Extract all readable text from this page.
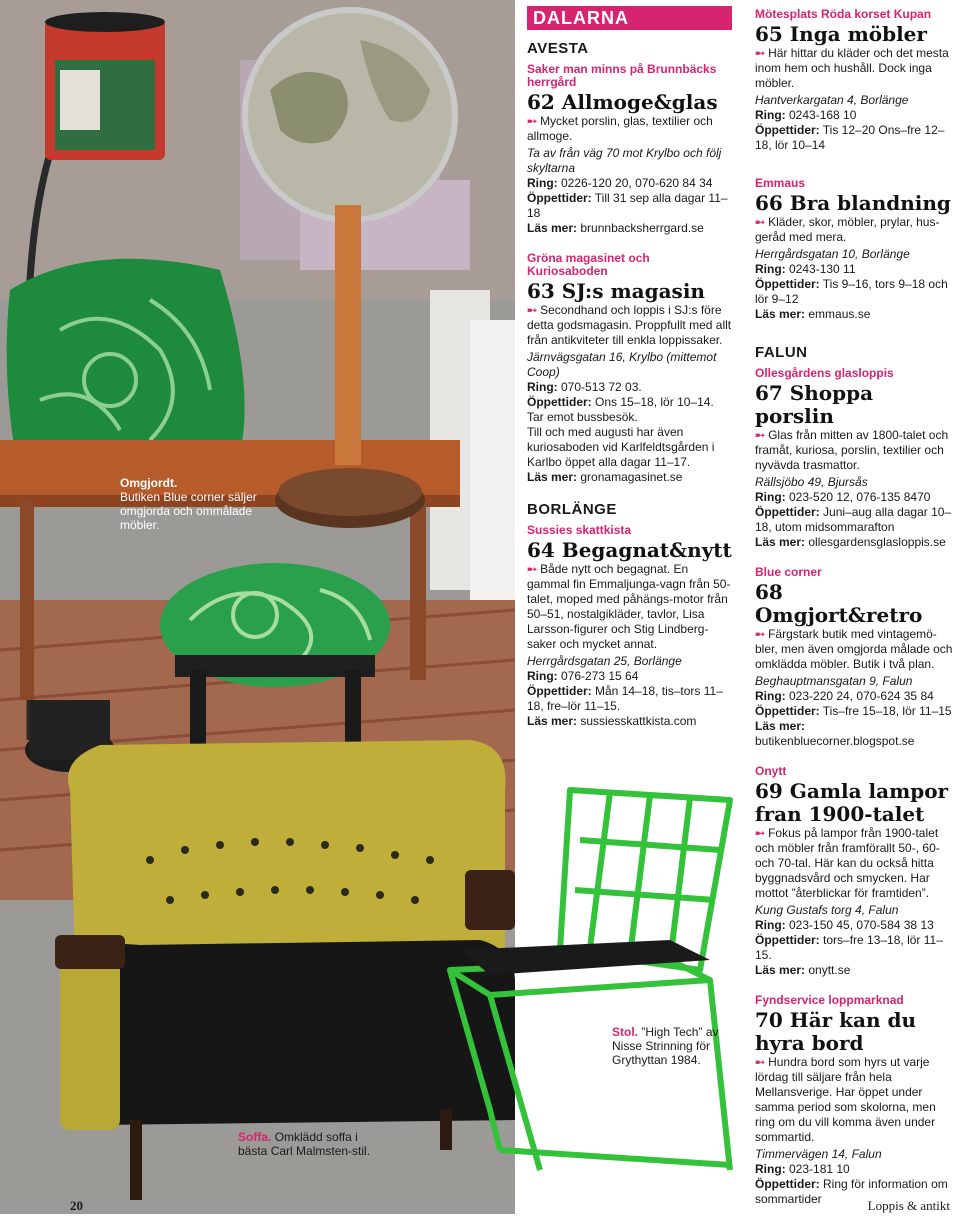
Omgjordt.
Butiken Blue corner säljer omgjorda och ommålade möbler.
Soffa. Omklädd soffa i bästa Carl Malmsten-stil.
Stol. ”High Tech” av Nisse Strinning för Grythyttan 1984.
DALARNA
AVESTA
Saker man minns på Brunnbäcks herrgård
62 Allmoge&glas
➸ Mycket porslin, glas, textilier och allmoge.
Ta av från väg 70 mot Krylbo och följ skyltarna
Ring: 0226-120 20, 070-620 84 34
Öppettider: Till 31 sep alla dagar 11–18
Läs mer: brunnbacksherrgard.se
Gröna magasinet och Kuriosaboden
63 SJ:s magasin
➸ Secondhand och loppis i SJ:s före detta godsmagasin. Proppfullt med allt från antikviteter till enkla loppissaker.
Järnvägsgatan 16, Krylbo (mittemot Coop)
Ring: 070-513 72 03.
Öppettider: Ons 15–18, lör 10–14.
Tar emot bussbesök.
Till och med augusti har även kuriosaboden vid Karlfeldtsgården i Karlbo öppet alla dagar 11–17.
Läs mer: gronamagasinet.se
BORLÄNGE
Sussies skattkista
64 Begagnat&nytt
➸ Både nytt och begagnat. En gammal fin Emmaljunga-vagn från 50-talet, moped med påhängs-motor från 50–51, nostalgikläder, tavlor, Lisa Larsson-figurer och Stig Lindberg-saker och mycket annat.
Herrgårdsgatan 25, Borlänge
Ring: 076-273 15 64
Öppettider: Mån 14–18, tis–tors 11–18, fre–lör 11–15.
Läs mer: sussiesskattkista.com
Mötesplats Röda korset Kupan
65 Inga möbler
➸ Här hittar du kläder och det mesta inom hem och hushåll. Dock inga möbler.
Hantverkargatan 4, Borlänge
Ring: 0243-168 10
Öppettider: Tis 12–20 Ons–fre 12–18, lör 10–14
Emmaus
66 Bra blandning
➸ Kläder, skor, möbler, prylar, hus-geråd med mera.
Herrgårdsgatan 10, Borlänge
Ring: 0243-130 11
Öppettider: Tis 9–16, tors 9–18 och lör 9–12
Läs mer: emmaus.se
FALUN
Ollesgårdens glasloppis
67 Shoppa porslin
➸ Glas från mitten av 1800-talet och framåt, kuriosa, porslin, textilier och nyvävda trasmattor.
Rällsjöbo 49, Bjursås
Ring: 023-520 12, 076-135 8470
Öppettider: Juni–aug alla dagar 10–18, utom midsommarafton
Läs mer: ollesgardensglasloppis.se
Blue corner
68 Omgjort&retro
➸ Färgstark butik med vintagemö-bler, men även omgjorda målade och omklädda möbler. Butik i två plan.
Beghauptmansgatan 9, Falun
Ring: 023-220 24, 070-624 35 84
Öppettider: Tis–fre 15–18, lör 11–15
Läs mer: butikenbluecorner.blogspot.se
Onytt
69 Gamla lampor fran 1900-talet
➸ Fokus på lampor från 1900-talet och möbler från framförallt 50-, 60- och 70-tal. Här kan du också hitta byggnadsvård och smycken. Har mottot ”återblickar för framtiden”.
Kung Gustafs torg 4, Falun
Ring: 023-150 45, 070-584 38 13
Öppettider: tors–fre 13–18, lör 11–15.
Läs mer: onytt.se
Fyndservice loppmarknad
70 Här kan du hyra bord
➸ Hundra bord som hyrs ut varje lördag till säljare från hela Mellansverige. Har öppet under samma period som skolorna, men ring om du vill komma även under sommartid.
Timmervägen 14, Falun
Ring: 023-181 10
Öppettider: Ring för information om sommartider
20	Loppis & antikt
